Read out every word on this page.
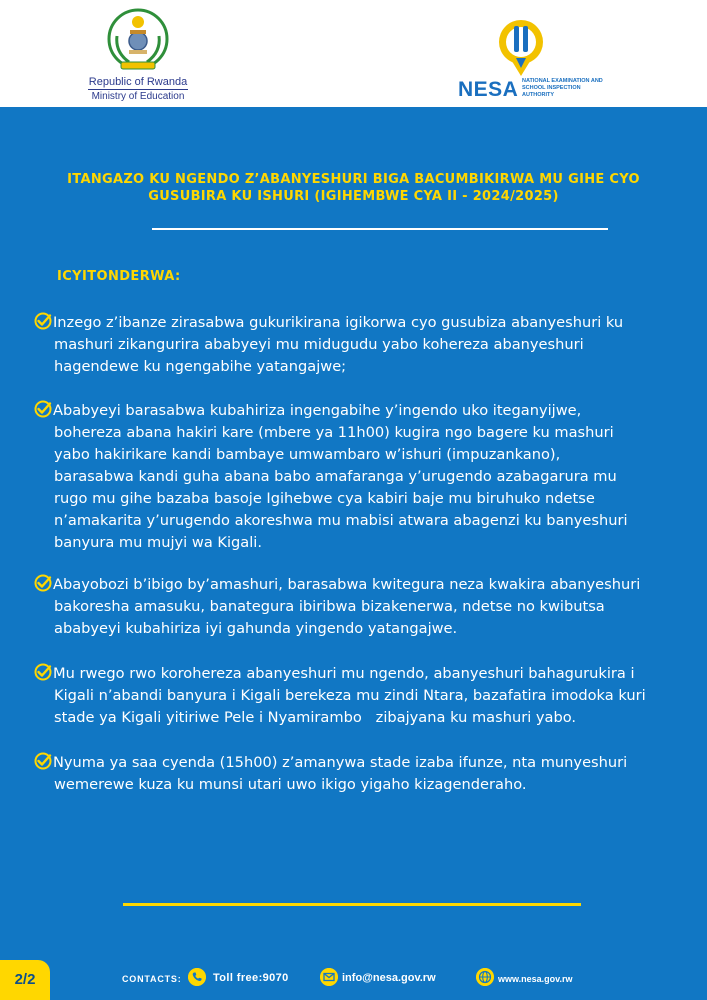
Republic of Rwanda
Ministry of Education	NESA NATIONAL EXAMINATION AND SCHOOL INSPECTION AUTHORITY
ITANGAZO KU NGENDO Z’ABANYESHURI BIGA BACUMBIKIRWA MU GIHE CYO GUSUBIRA KU ISHURI (IGIHEMBWE CYA II - 2024/2025)
ICYITONDERWA:
Inzego z’ibanze zirasabwa gukurikirana igikorwa cyo gusubiza abanyeshuri ku

mashuri zikangurira ababyeyi mu midugudu yabo kohereza abanyeshuri

hagendewe ku ngengabihe yatangajwe;

Ababyeyi barasabwa kubahiriza ingengabihe y’ingendo uko iteganyijwe,

bohereza abana hakiri kare (mbere ya 11h00) kugira ngo bagere ku mashuri

yabo hakirikare kandi bambaye umwambaro w’ishuri (impuzankano),

barasabwa kandi guha abana babo amafaranga y’urugendo azabagarura mu

rugo mu gihe bazaba basoje Igihebwe cya kabiri baje mu biruhuko ndetse

n’amakarita y’urugendo akoreshwa mu mabisi atwara abagenzi ku banyeshuri

banyura mu mujyi wa Kigali.

Abayobozi b’ibigo by’amashuri, barasabwa kwitegura neza kwakira abanyeshuri

bakoresha amasuku, banategura ibiribwa bizakenerwa, ndetse no kwibutsa

ababyeyi kubahiriza iyi gahunda yingendo yatangajwe.

Mu rwego rwo korohereza abanyeshuri mu ngendo, abanyeshuri bahagurukira i

Kigali n’abandi banyura i Kigali berekeza mu zindi Ntara, bazafatira imodoka kuri

stade ya Kigali yitiriwe Pele i Nyamirambo   zibajyana ku mashuri yabo.

Nyuma ya saa cyenda (15h00) z’amanywa stade izaba ifunze, nta munyeshuri

wemerewe kuza ku munsi utari uwo ikigo yigaho kizagenderaho.

2/2	CONTACTS:	Toll free:9070	info@nesa.gov.rw	www.nesa.gov.rw
